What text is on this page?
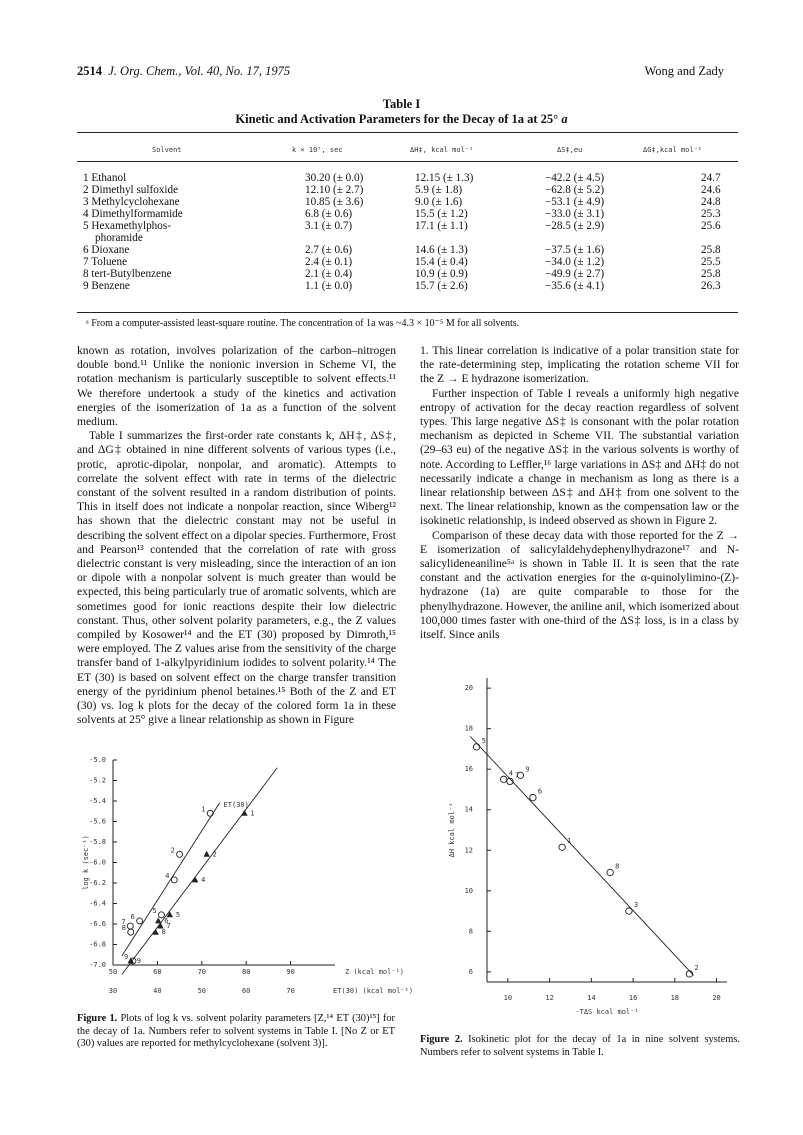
2514 J. Org. Chem., Vol. 40, No. 17, 1975	Wong and Zady
Table I
Kinetic and Activation Parameters for the Decay of 1a at 25° a
Solvent	k × 10⁷, sec	ΔH‡, kcal mol⁻¹	ΔS‡,eu	ΔG‡,kcal mol⁻¹
1 Ethanol	30.20 (± 0.0)	12.15 (± 1.3)	−42.2 (± 4.5)	24.7
2 Dimethyl sulfoxide	12.10 (± 2.7)	5.9 (± 1.8)	−62.8 (± 5.2)	24.6
3 Methylcyclohexane	10.85 (± 3.6)	9.0 (± 1.6)	−53.1 (± 4.9)	24.8
4 Dimethylformamide	6.8 (± 0.6)	15.5 (± 1.2)	−33.0 (± 3.1)	25.3
5 Hexamethylphos-	3.1 (± 0.7)	17.1 (± 1.1)	−28.5 (± 2.9)	25.6
phoramide				
6 Dioxane	2.7 (± 0.6)	14.6 (± 1.3)	−37.5 (± 1.6)	25.8
7 Toluene	2.4 (± 0.1)	15.4 (± 0.4)	−34.0 (± 1.2)	25.5
8 tert-Butylbenzene	2.1 (± 0.4)	10.9 (± 0.9)	−49.9 (± 2.7)	25.8
9 Benzene	1.1 (± 0.0)	15.7 (± 2.6)	−35.6 (± 4.1)	26.3
ᵃ From a computer-assisted least-square routine. The concentration of 1a was ~4.3 × 10⁻⁵ M for all solvents.

known as rotation, involves polarization of the carbon–nitrogen double bond.¹¹ Unlike the nonionic inversion in Scheme VI, the rotation mechanism is particularly susceptible to solvent effects.¹¹ We therefore undertook a study of the kinetics and activation energies of the isomerization of 1a as a function of the solvent medium.

Table I summarizes the first-order rate constants k, ΔH‡, ΔS‡, and ΔG‡ obtained in nine different solvents of various types (i.e., protic, aprotic-dipolar, nonpolar, and aromatic). Attempts to correlate the solvent effect with rate in terms of the dielectric constant of the solvent resulted in a random distribution of points. This in itself does not indicate a nonpolar reaction, since Wiberg¹² has shown that the dielectric constant may not be useful in describing the solvent effect on a dipolar species. Furthermore, Frost and Pearson¹³ contended that the correlation of rate with gross dielectric constant is very misleading, since the interaction of an ion or dipole with a nonpolar solvent is much greater than would be expected, this being particularly true of aromatic solvents, which are sometimes good for ionic reactions despite their low dielectric constant. Thus, other solvent polarity parameters, e.g., the Z values compiled by Kosower¹⁴ and the ET (30) proposed by Dimroth,¹⁵ were employed. The Z values arise from the sensitivity of the charge transfer band of 1-alkylpyridinium iodides to solvent polarity.¹⁴ The ET (30) is based on solvent effect on the charge transfer transition energy of the pyridinium phenol betaines.¹⁵ Both of the Z and ET (30) vs. log k plots for the decay of the colored form 1a in these solvents at 25° give a linear relationship as shown in Figure

1. This linear correlation is indicative of a polar transition state for the rate-determining step, implicating the rotation scheme VII for the Z → E hydrazone isomerization.

Further inspection of Table I reveals a uniformly high negative entropy of activation for the decay reaction regardless of solvent types. This large negative ΔS‡ is consonant with the polar rotation mechanism as depicted in Scheme VII. The substantial variation (29–63 eu) of the negative ΔS‡ in the various solvents is worthy of note. According to Leffler,¹⁶ large variations in ΔS‡ and ΔH‡ do not necessarily indicate a change in mechanism as long as there is a linear relationship between ΔS‡ and ΔH‡ from one solvent to the next. The linear relationship, known as the compensation law or the isokinetic relationship, is indeed observed as shown in Figure 2.

Comparison of these decay data with those reported for the Z → E isomerization of salicylaldehydephenylhydrazone¹⁷ and N-salicylideneaniline⁵ᵃ is shown in Table II. It is seen that the rate constant and the activation energies for the α-quinolylimino-(Z)-hydrazone (1a) are quite comparable to those for the phenylhydrazone. However, the aniline anil, which isomerized about 100,000 times faster with one-third of the ΔS‡ loss, is in a class by itself. Since anils

-5.0
-5.2
-5.4
-5.6
-5.8
-6.0
-6.2
-6.4
-6.6
-6.8
-7.0
50	60	70	80	90
30	40	50	60	70
Z (kcal mol⁻¹)
ET(30) (kcal mol⁻¹)
log k (sec⁻¹)
ET(30)
1
2
4
5
6
7
8
9
1
2
4
5
6
7
8
9
Figure 1. Plots of log k vs. solvent polarity parameters [Z,¹⁴ ET (30)¹⁵] for the decay of 1a. Numbers refer to solvent systems in Table I. [No Z or ET (30) values are reported for methylcyclohexane (solvent 3)].
20
18
16
14
12
10
8
6
10	12	14	16	18	20
-TΔS kcal mol⁻¹
ΔH kcal mol⁻¹	1
2
3
4
5
6
7
8
9
Figure 2. Isokinetic plot for the decay of 1a in nine solvent systems. Numbers refer to solvent systems in Table I.
